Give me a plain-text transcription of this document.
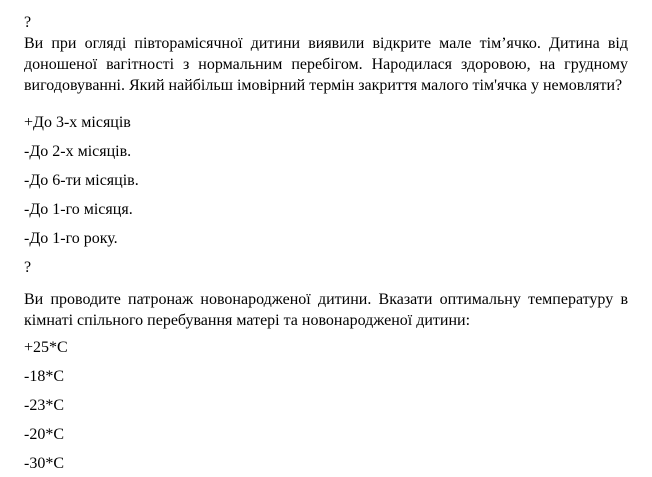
?
Ви при огляді півторамісячної дитини виявили відкрите мале тім’ячко. Дитина від доношеної вагітності з нормальним перебігом. Народилася здоровою, на грудному вигодовуванні. Який найбільш імовірний термін закриття малого тім'ячка у немовляти?
+До 3-х місяців
-До 2-х місяців.
-До 6-ти місяців.
-До 1-го місяця.
-До 1-го року.
?
Ви проводите патронаж новонародженої дитини. Вказати оптимальну температуру в кімнаті спільного перебування матері та новонародженої дитини:
+25*С
-18*С
-23*С
-20*С
-30*С
